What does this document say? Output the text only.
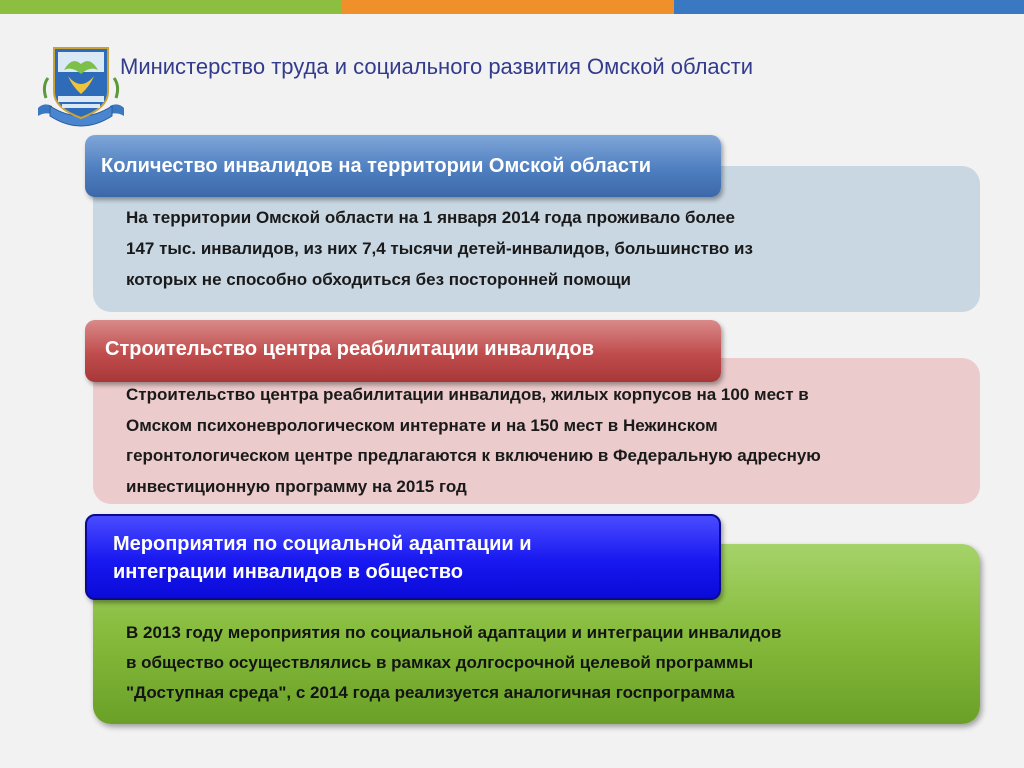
Министерство труда и социального развития Омской области
Количество инвалидов на территории Омской области
На территории Омской области на 1 января 2014 года проживало более
147 тыс. инвалидов, из них 7,4 тысячи детей-инвалидов, большинство из
которых не способно обходиться без посторонней помощи
Строительство центра реабилитации инвалидов
Строительство центра реабилитации инвалидов, жилых корпусов на 100 мест в
Омском психоневрологическом интернате и на 150 мест в Нежинском
геронтологическом центре предлагаются к включению в Федеральную адресную
инвестиционную программу на 2015 год
Мероприятия по социальной адаптации и
интеграции инвалидов в общество
В 2013 году мероприятия по социальной адаптации и интеграции инвалидов
в общество осуществлялись в рамках долгосрочной целевой программы
"Доступная среда", с 2014 года реализуется аналогичная госпрограмма
